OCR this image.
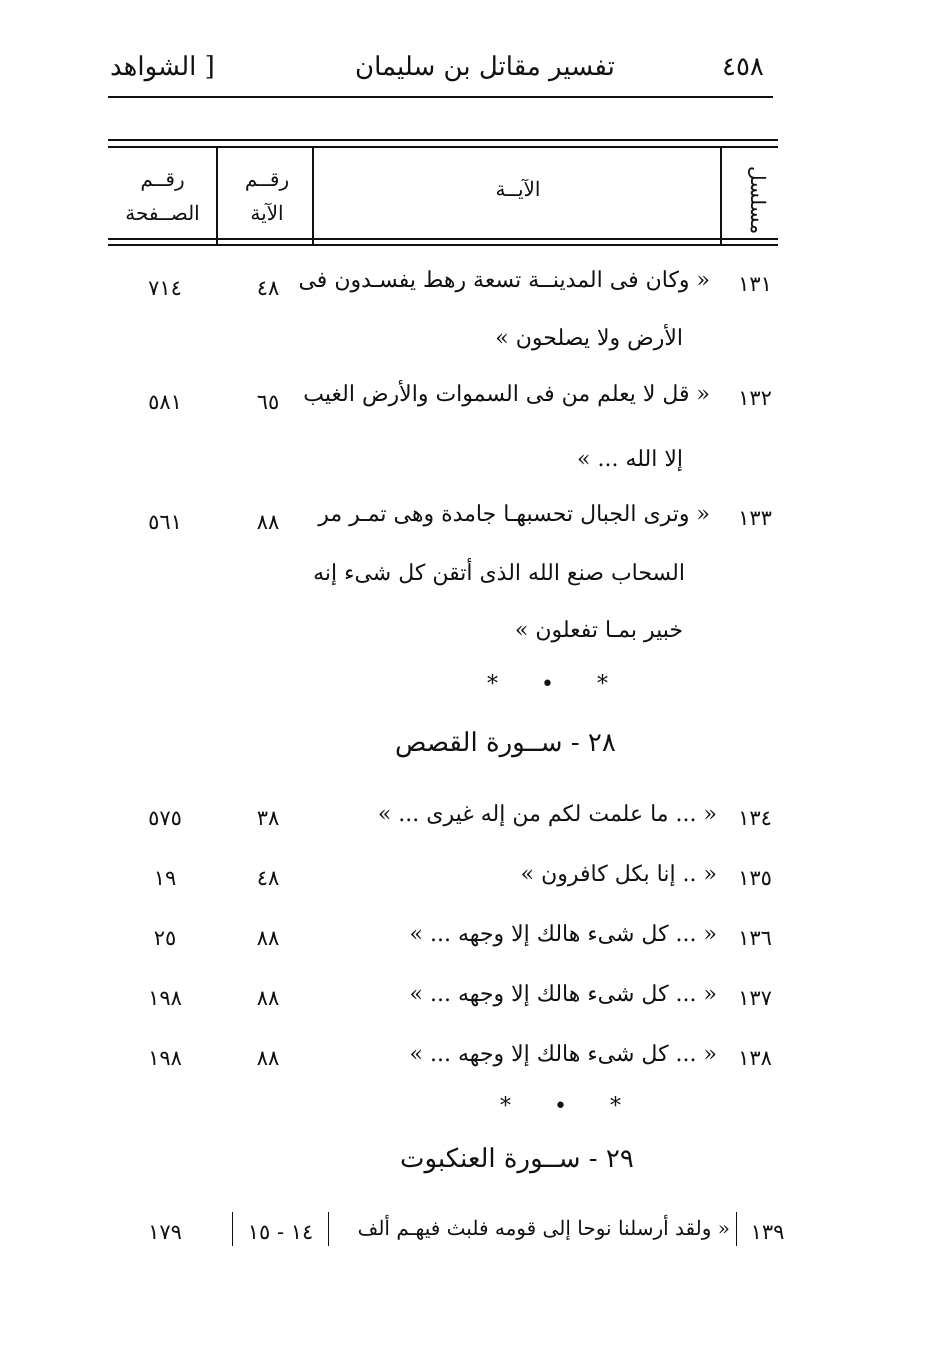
٤٥٨
تفسير مقاتل بن سليمان
[ الشواهد
مسلسل
الآيــة
رقــم
الآية
رقــم
الصــفحة
١٣١
« وكان فى المدينــة تسعة رهط يفسـدون فى
الأرض ولا يصلحون »
٤٨
٧١٤
١٣٢
« قل لا يعلم من فى السموات والأرض الغيب
إلا الله ... »
٦٥
٥٨١
١٣٣
« وترى الجبال تحسبهـا جامدة وهى تمـر مر
السحاب صنع الله الذى أتقن كل شىء إنه
خبير بمـا تفعلون »
٨٨
٥٦١
* • *
٢٨ - ســورة القصص
١٣٤
« ... ما علمت لكم من إله غيرى ... »
٣٨
٥٧٥
١٣٥
« .. إنا بكل كافرون »
٤٨
١٩
١٣٦
« ... كل شىء هالك إلا وجهه ... »
٨٨
٢٥
١٣٧
« ... كل شىء هالك إلا وجهه ... »
٨٨
١٩٨
١٣٨
« ... كل شىء هالك إلا وجهه ... »
٨٨
١٩٨
* • *
٢٩ - ســورة العنكبوت
١٣٩
« ولقد أرسلنا نوحا إلى قومه فلبث فيهـم ألف
١٤ - ١٥
١٧٩
